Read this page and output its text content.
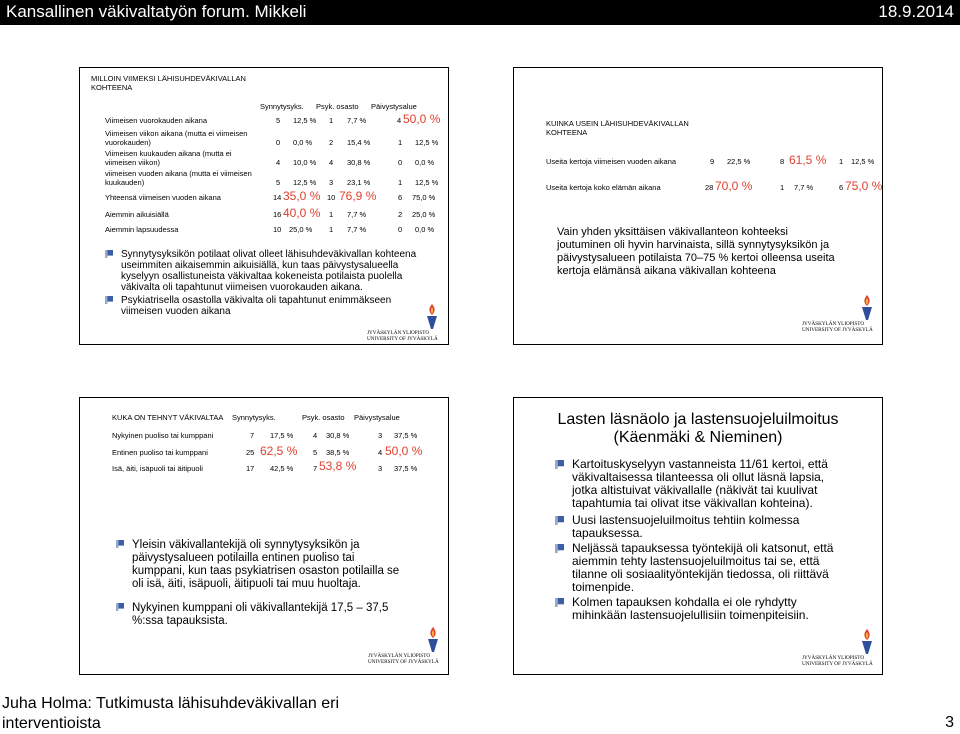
Kansallinen väkivaltatyön forum. Mikkeli	18.9.2014
MILLOIN VIIMEKSI LÄHISUHDEVÄKIVALLAN
KOHTEENA
Synnytysyks. Psyk. osasto Päivystysalue
Viimeisen vuorokauden aikana	5 12,5 % 1 7,7 %	4 50,0 %
Viimeisen viikon aikana (mutta ei viimeisen
vuorokauden)	0 0,0 % 2 15,4 %	1 12,5 %
Viimeisen kuukauden aikana (mutta ei
viimeisen viikon)	4 10,0 % 4 30,8 %	0 0,0 %
viimeisen vuoden aikana (mutta ei viimeisen
kuukauden)	5 12,5 % 3 23,1 %	1 12,5 %
Yhteensä viimeisen vuoden aikana	14 35,0 % 10 76,9 %	6 75,0 %
Aiemmin aikuisiällä	16 40,0 % 1 7,7 %	2 25,0 %
Aiemmin lapsuudessa	10 25,0 % 1 7,7 %	0 0,0 %
Synnytysyksikön potilaat olivat olleet lähisuhdeväkivallan kohteena
useimmiten aikaisemmin aikuisiällä, kun taas päivystysalueella
kyselyyn osallistuneista väkivaltaa kokeneista potilaista puolella
väkivalta oli tapahtunut viimeisen vuorokauden aikana.
Psykiatrisella osastolla väkivalta oli tapahtunut enimmäkseen
viimeisen vuoden aikana
JYVÄSKYLÄN YLIOPISTO
UNIVERSITY OF JYVÄSKYLÄ
KUINKA USEIN LÄHISUHDEVÄKIVALLAN
KOHTEENA
Useita kertoja viimeisen vuoden aikana	9 22,5 %	8 61,5 % 1 12,5 %
Useita kertoja koko elämän aikana	28 70,0 %	1 7,7 %	6 75,0 %
Vain yhden yksittäisen väkivallanteon kohteeksi
joutuminen oli hyvin harvinaista, sillä synnytysyksikön ja
päivystysalueen potilaista 70–75 % kertoi olleensa useita
kertoja elämänsä aikana väkivallan kohteena
JYVÄSKYLÄN YLIOPISTO
UNIVERSITY OF JYVÄSKYLÄ
KUKA ON TEHNYT VÄKIVALTAA Synnytysyks.	Psyk. osasto Päivystysalue
Nykyinen puoliso tai kumppani	7 17,5 %	4 30,8 %	3 37,5 %
Entinen puoliso tai kumppani	25 62,5 % 5 38,5 %	4 50,0 %
Isä, äiti, isäpuoli tai äitipuoli	17 42,5 %	7 53,8 %	3 37,5 %
Yleisin väkivallantekijä oli synnytysyksikön ja
päivystysalueen potilailla entinen puoliso tai
kumppani, kun taas psykiatrisen osaston potilailla se
oli isä, äiti, isäpuoli, äitipuoli tai muu huoltaja.
Nykyinen kumppani oli väkivallantekijä 17,5 – 37,5
%:ssa tapauksista.
JYVÄSKYLÄN YLIOPISTO
UNIVERSITY OF JYVÄSKYLÄ
Lasten läsnäolo ja lastensuojeluilmoitus
(Käenmäki & Nieminen)
Kartoituskyselyyn vastanneista 11/61 kertoi, että
väkivaltaisessa tilanteessa oli ollut läsnä lapsia,
jotka altistuivat väkivallalle (näkivät tai kuulivat
tapahtumia tai olivat itse väkivallan kohteina).
Uusi lastensuojeluilmoitus tehtiin kolmessa
tapauksessa.
Neljässä tapauksessa työntekijä oli katsonut, että
aiemmin tehty lastensuojeluilmoitus tai se, että
tilanne oli sosiaalityöntekijän tiedossa, oli riittävä
toimenpide.
Kolmen tapauksen kohdalla ei ole ryhdytty
mihinkään lastensuojelullisiin toimenpiteisiin.
JYVÄSKYLÄN YLIOPISTO
UNIVERSITY OF JYVÄSKYLÄ
Juha Holma: Tutkimusta lähisuhdeväkivallan eri
interventioista	3
